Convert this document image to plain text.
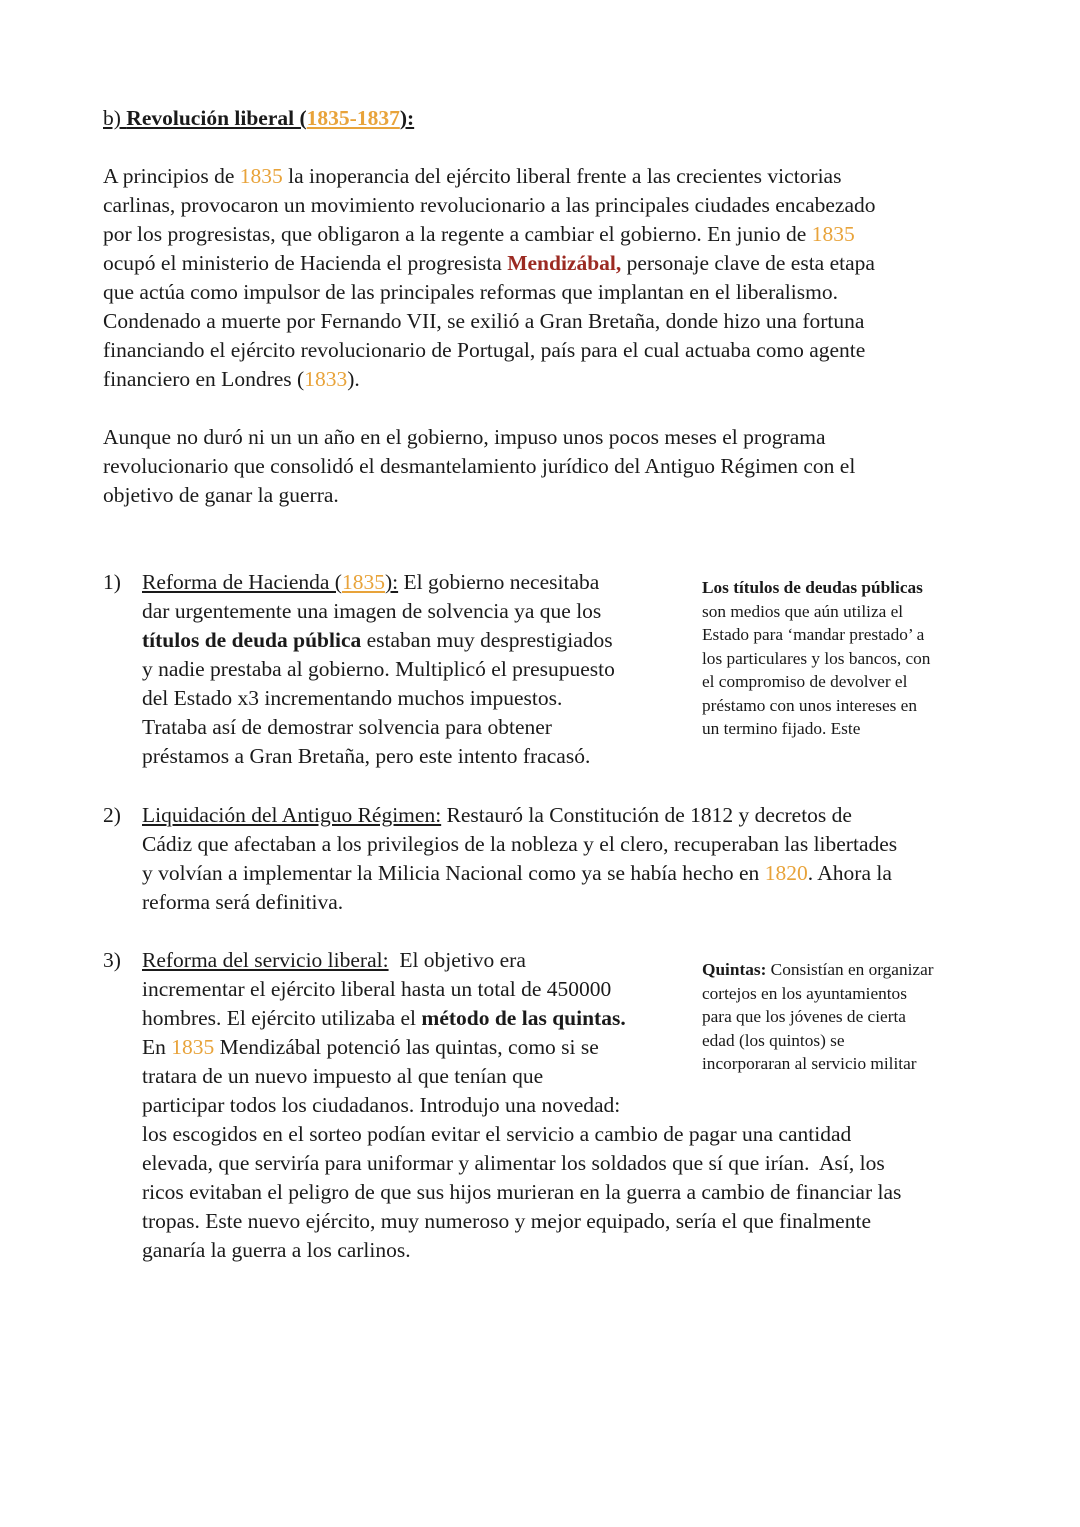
b) Revolución liberal (1835-1837):

A principios de 1835 la inoperancia del ejército liberal frente a las crecientes victorias
carlinas, provocaron un movimiento revolucionario a las principales ciudades encabezado
por los progresistas, que obligaron a la regente a cambiar el gobierno. En junio de 1835
ocupó el ministerio de Hacienda el progresista Mendizábal, personaje clave de esta etapa
que actúa como impulsor de las principales reformas que implantan en el liberalismo.
Condenado a muerte por Fernando VII, se exilió a Gran Bretaña, donde hizo una fortuna
financiando el ejército revolucionario de Portugal, país para el cual actuaba como agente
financiero en Londres (1833).

Aunque no duró ni un un año en el gobierno, impuso unos pocos meses el programa
revolucionario que consolidó el desmantelamiento jurídico del Antiguo Régimen con el
objetivo de ganar la guerra.

1) Reforma de Hacienda (1835): El gobierno necesitaba
dar urgentemente una imagen de solvencia ya que los
títulos de deuda pública estaban muy desprestigiados
y nadie prestaba al gobierno. Multiplicó el presupuesto
del Estado x3 incrementando muchos impuestos.
Trataba así de demostrar solvencia para obtener
préstamos a Gran Bretaña, pero este intento fracasó.

Los títulos de deudas públicas
son medios que aún utiliza el
Estado para ‘mandar prestado’ a
los particulares y los bancos, con
el compromiso de devolver el
préstamo con unos intereses en
un termino fijado. Este

2) Liquidación del Antiguo Régimen: Restauró la Constitución de 1812 y decretos de
Cádiz que afectaban a los privilegios de la nobleza y el clero, recuperaban las libertades
y volvían a implementar la Milicia Nacional como ya se había hecho en 1820. Ahora la
reforma será definitiva.

3) Reforma del servicio liberal:  El objetivo era
incrementar el ejército liberal hasta un total de 450000
hombres. El ejército utilizaba el método de las quintas.
En 1835 Mendizábal potenció las quintas, como si se
tratara de un nuevo impuesto al que tenían que
participar todos los ciudadanos. Introdujo una novedad:
los escogidos en el sorteo podían evitar el servicio a cambio de pagar una cantidad
elevada, que serviría para uniformar y alimentar los soldados que sí que irían.  Así, los
ricos evitaban el peligro de que sus hijos murieran en la guerra a cambio de financiar las
tropas. Este nuevo ejército, muy numeroso y mejor equipado, sería el que finalmente
ganaría la guerra a los carlinos.

Quintas: Consistían en organizar
cortejos en los ayuntamientos
para que los jóvenes de cierta
edad (los quintos) se
incorporaran al servicio militar
